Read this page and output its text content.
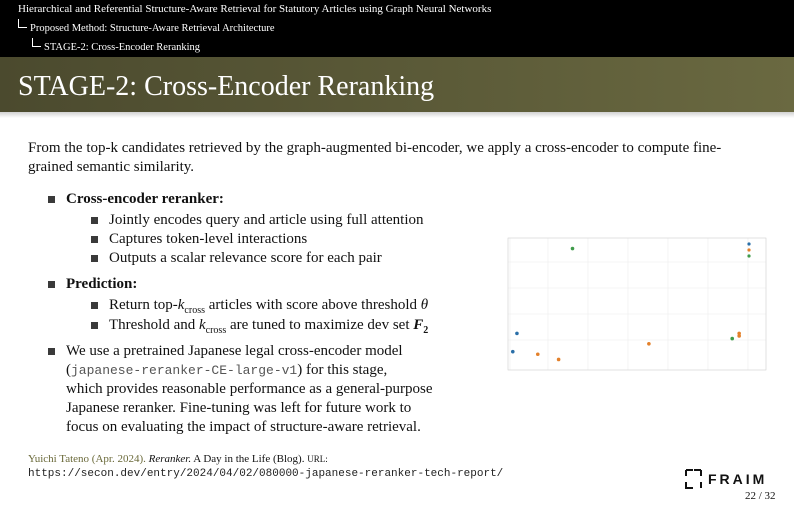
Hierarchical and Referential Structure-Aware Retrieval for Statutory Articles using Graph Neural Networks
Proposed Method: Structure-Aware Retrieval Architecture
STAGE-2: Cross-Encoder Reranking
STAGE-2: Cross-Encoder Reranking
From the top-k candidates retrieved by the graph-augmented bi-encoder, we apply a cross-encoder to compute fine-grained semantic similarity.
Cross-encoder reranker:
Jointly encodes query and article using full attention
Captures token-level interactions
Outputs a scalar relevance score for each pair
Prediction:
Return top-$k_{cross}$ articles with score above threshold θ
Threshold and $k_{cross}$ are tuned to maximize dev set $F_2$
We use a pretrained Japanese legal cross-encoder model
(japanese-reranker-CE-large-v1) for this stage,
which provides reasonable performance as a general-purpose
Japanese reranker. Fine-tuning was left for future work to
focus on evaluating the impact of structure-aware retrieval.
Yuichi Tateno (Apr. 2024). Reranker. A Day in the Life (Blog). URL:
https://secon.dev/entry/2024/04/02/080000-japanese-reranker-tech-report/	FRAIM
22 / 32
